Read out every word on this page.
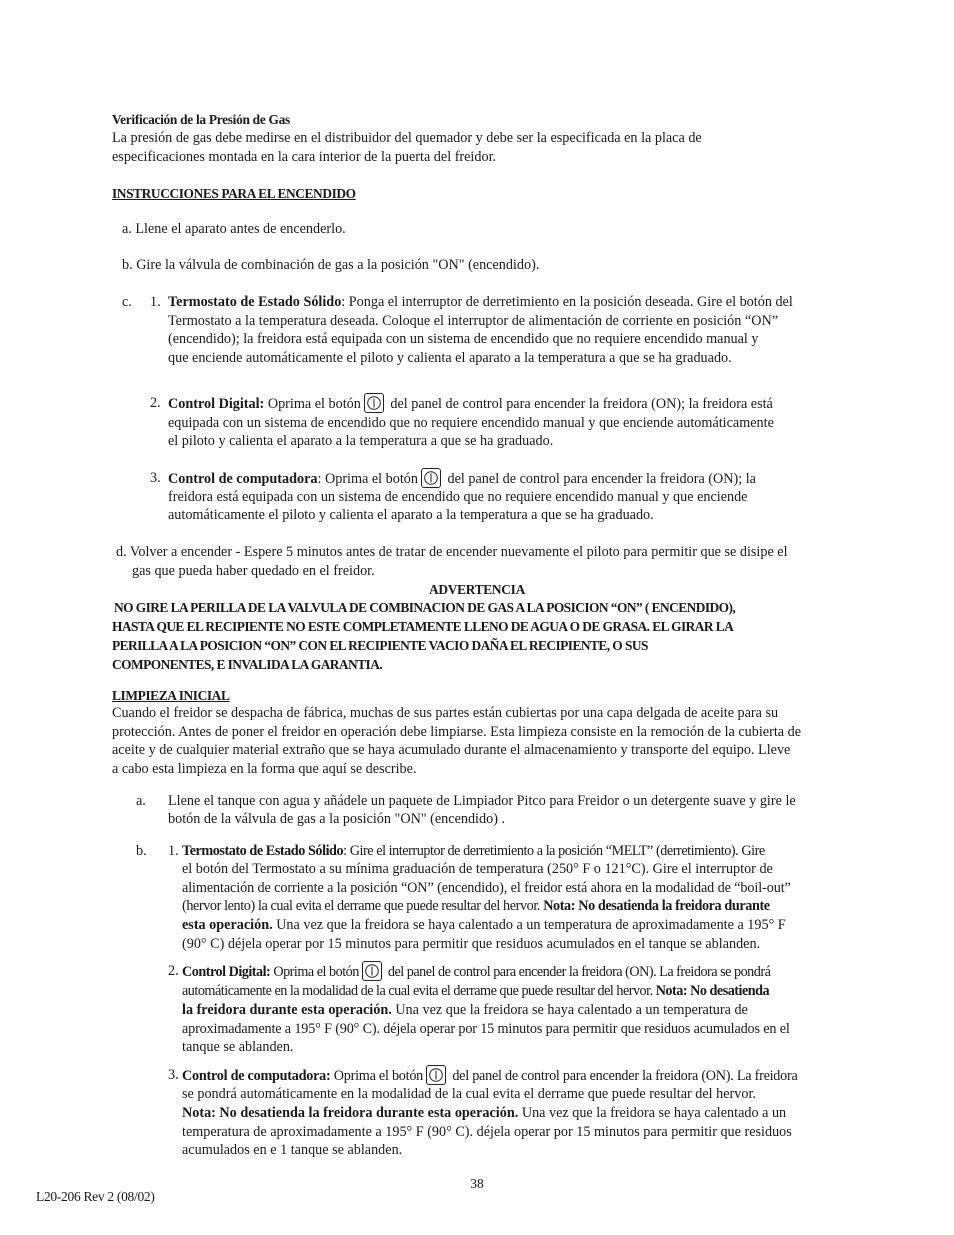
Verificación de la Presión de Gas
La presión de gas debe medirse en el distribuidor del quemador y debe ser la especificada en la placa de
especificaciones montada en la cara interior de la puerta del freidor.
INSTRUCCIONES PARA EL ENCENDIDO
a. Llene el aparato antes de encenderlo.
b. Gire la válvula de combinación de gas a la posición "ON" (encendido).
c. 1. Termostato de Estado Sólido: Ponga el interruptor de derretimiento en la posición deseada. Gire el botón del
Termostato a la temperatura deseada. Coloque el interruptor de alimentación de corriente en posición “ON”
(encendido); la freidora está equipada con un sistema de encendido que no requiere encendido manual y
que enciende automáticamente el piloto y calienta el aparato a la temperatura a que se ha graduado.
2. Control Digital: Oprima el botón
del panel de control para encender la freidora (ON); la freidora está
equipada con un sistema de encendido que no requiere encendido manual y que enciende automáticamente
el piloto y calienta el aparato a la temperatura a que se ha graduado.
3. Control de computadora: Oprima el botón
del panel de control para encender la freidora (ON); la
freidora está equipada con un sistema de encendido que no requiere encendido manual y que enciende
automáticamente el piloto y calienta el aparato a la temperatura a que se ha graduado.
d. Volver a encender - Espere 5 minutos antes de tratar de encender nuevamente el piloto para permitir que se disipe el
gas que pueda haber quedado en el freidor.
ADVERTENCIA
NO GIRE LA PERILLA DE LA VALVULA DE COMBINACION DE GAS A LA POSICION “ON” ( ENCENDIDO),
HASTA QUE EL RECIPIENTE NO ESTE COMPLETAMENTE LLENO DE AGUA O DE GRASA. EL GIRAR LA
PERILLA A LA POSICION “ON” CON EL RECIPIENTE VACIO DAÑA EL RECIPIENTE, O SUS
COMPONENTES, E INVALIDA LA GARANTIA.
LIMPIEZA INICIAL
Cuando el freidor se despacha de fábrica, muchas de sus partes están cubiertas por una capa delgada de aceite para su
protección. Antes de poner el freidor en operación debe limpiarse. Esta limpieza consiste en la remoción de la cubierta de
aceite y de cualquier material extraño que se haya acumulado durante el almacenamiento y transporte del equipo. Lleve
a cabo esta limpieza en la forma que aquí se describe.
a. Llene el tanque con agua y añádele un paquete de Limpiador Pitco para Freidor o un detergente suave y gire le
botón de la válvula de gas a la posición "ON" (encendido) .
b. 1. Termostato de Estado Sólido: Gire el interruptor de derretimiento a la posición “MELT” (derretimiento). Gire
el botón del Termostato a su mínima graduación de temperatura (250° F o 121°C). Gire el interruptor de
alimentación de corriente a la posición “ON” (encendido), el freidor está ahora en la modalidad de “boil-out”
(hervor lento) la cual evita el derrame que puede resultar del hervor. Nota: No desatienda la freidora durante
esta operación. Una vez que la freidora se haya calentado a un temperatura de aproximadamente a 195° F
(90° C) déjela operar por 15 minutos para permitir que residuos acumulados en el tanque se ablanden.
2. Control Digital: Oprima el botón
del panel de control para encender la freidora (ON). La freidora se pondrá
automáticamente en la modalidad de la cual evita el derrame que puede resultar del hervor. Nota: No desatienda
la freidora durante esta operación. Una vez que la freidora se haya calentado a un temperatura de
aproximadamente a 195° F (90° C). déjela operar por 15 minutos para permitir que residuos acumulados en el
tanque se ablanden.
3. Control de computadora: Oprima el botón
del panel de control para encender la freidora (ON). La freidora
se pondrá automáticamente en la modalidad de la cual evita el derrame que puede resultar del hervor.
Nota: No desatienda la freidora durante esta operación. Una vez que la freidora se haya calentado a un
temperatura de aproximadamente a 195° F (90° C). déjela operar por 15 minutos para permitir que residuos
acumulados en e 1 tanque se ablanden.
38
L20-206 Rev 2 (08/02)
